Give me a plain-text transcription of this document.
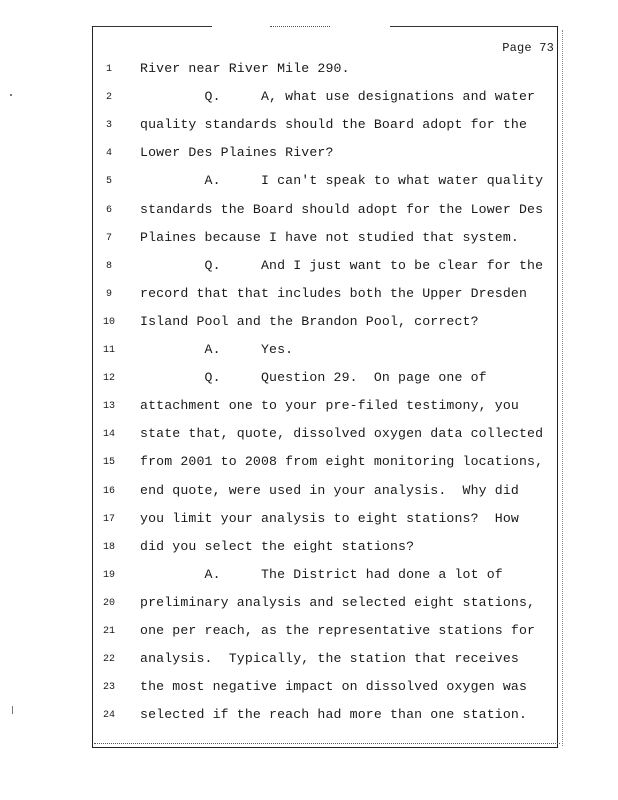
Page 73
1	River near River Mile 290.
2	Q.     A, what use designations and water
3	quality standards should the Board adopt for the
4	Lower Des Plaines River?
5	A.     I can't speak to what water quality
6	standards the Board should adopt for the Lower Des
7	Plaines because I have not studied that system.
8	Q.     And I just want to be clear for the
9	record that that includes both the Upper Dresden
10	Island Pool and the Brandon Pool, correct?
11	A.     Yes.
12	Q.     Question 29.  On page one of
13	attachment one to your pre-filed testimony, you
14	state that, quote, dissolved oxygen data collected
15	from 2001 to 2008 from eight monitoring locations,
16	end quote, were used in your analysis.  Why did
17	you limit your analysis to eight stations?  How
18	did you select the eight stations?
19	A.     The District had done a lot of
20	preliminary analysis and selected eight stations,
21	one per reach, as the representative stations for
22	analysis.  Typically, the station that receives
23	the most negative impact on dissolved oxygen was
24	selected if the reach had more than one station.
